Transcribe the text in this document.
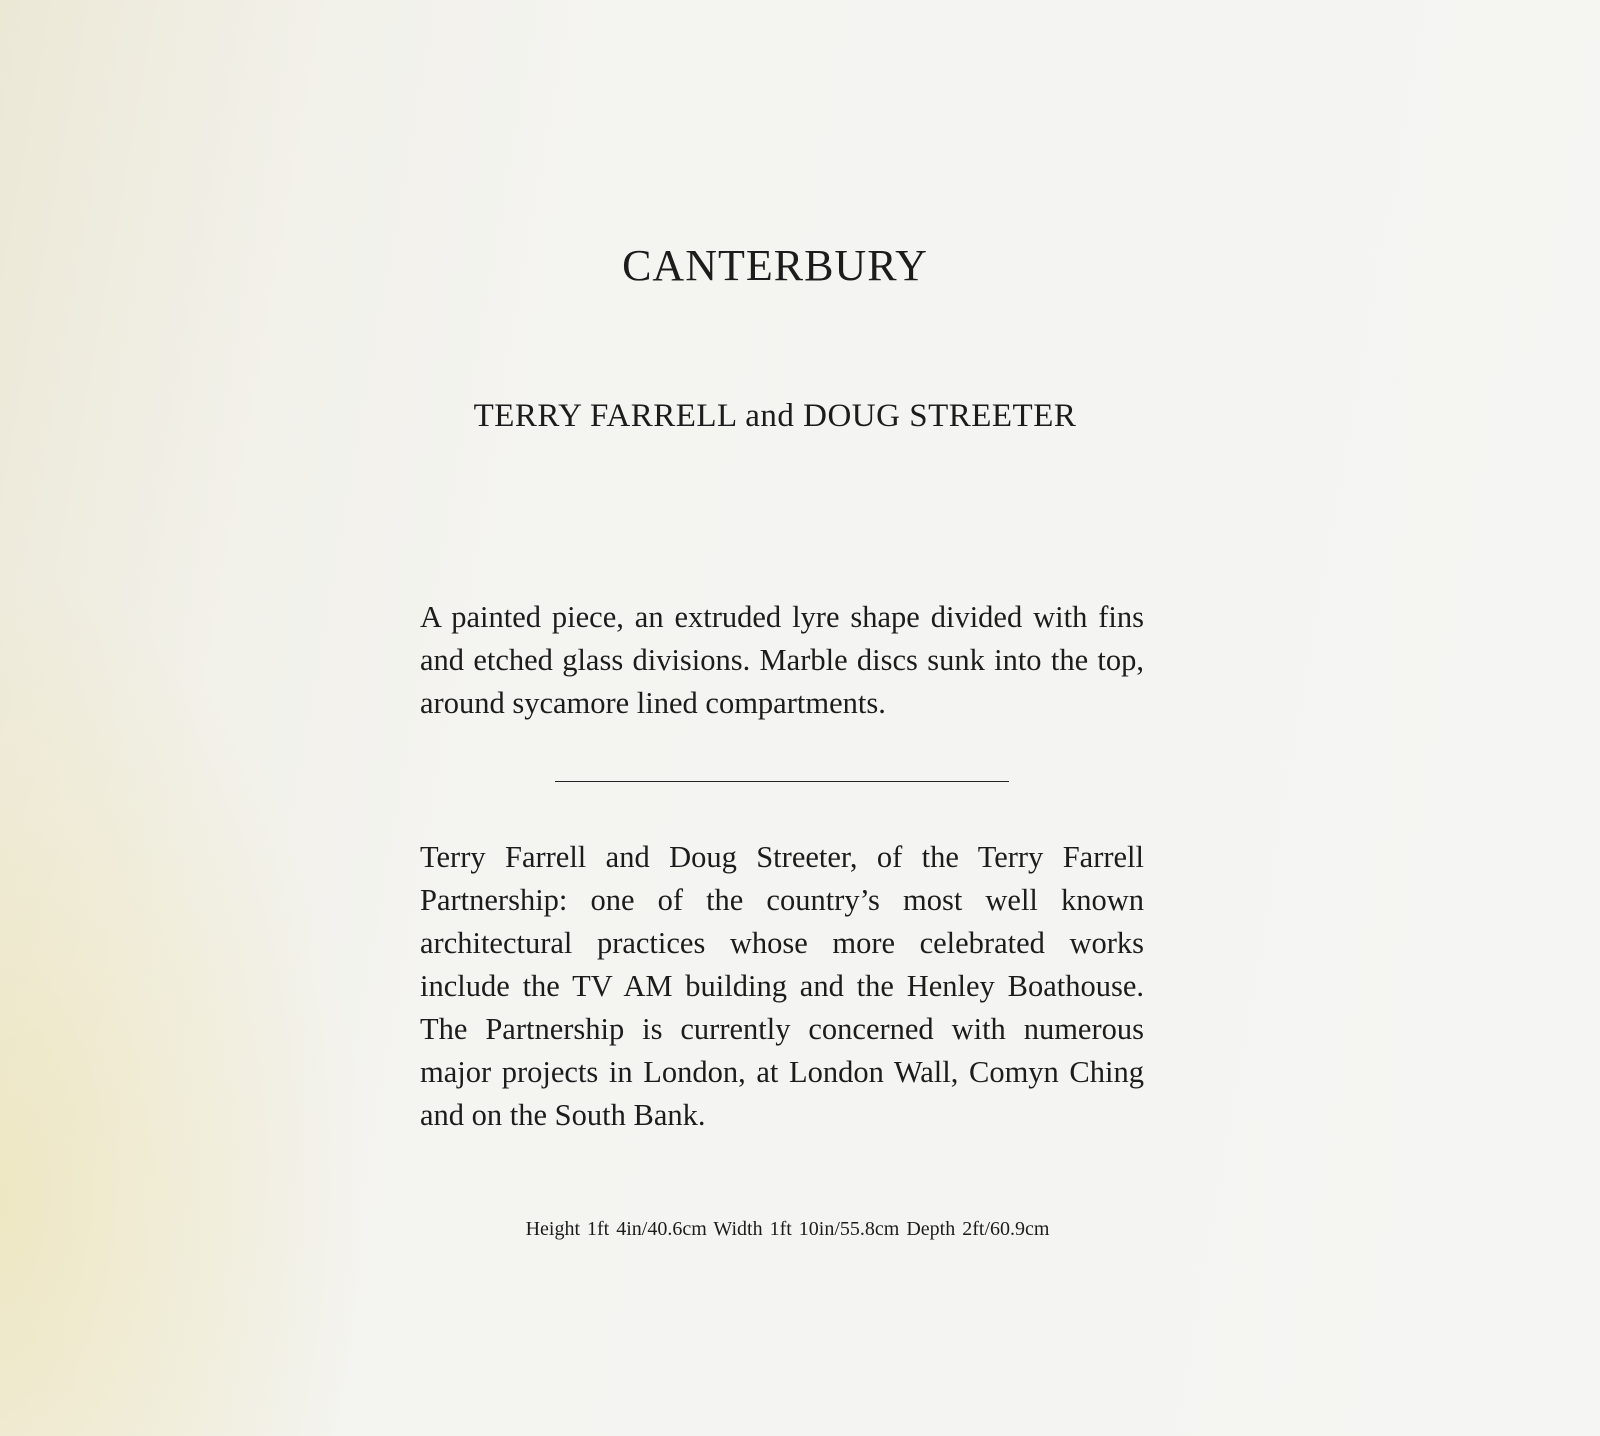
CANTERBURY
TERRY FARRELL and DOUG STREETER

A painted piece, an extruded lyre shape divided with fins and etched glass divisions. Marble discs sunk into the top, around sycamore lined compartments.

Terry Farrell and Doug Streeter, of the Terry Farrell Partnership: one of the country’s most well known architectural practices whose more celebrated works include the TV AM building and the Henley Boathouse. The Partnership is currently concerned with numerous major projects in London, at London Wall, Comyn Ching and on the South Bank.

Height 1ft 4in/40.6cm Width 1ft 10in/55.8cm Depth 2ft/60.9cm
